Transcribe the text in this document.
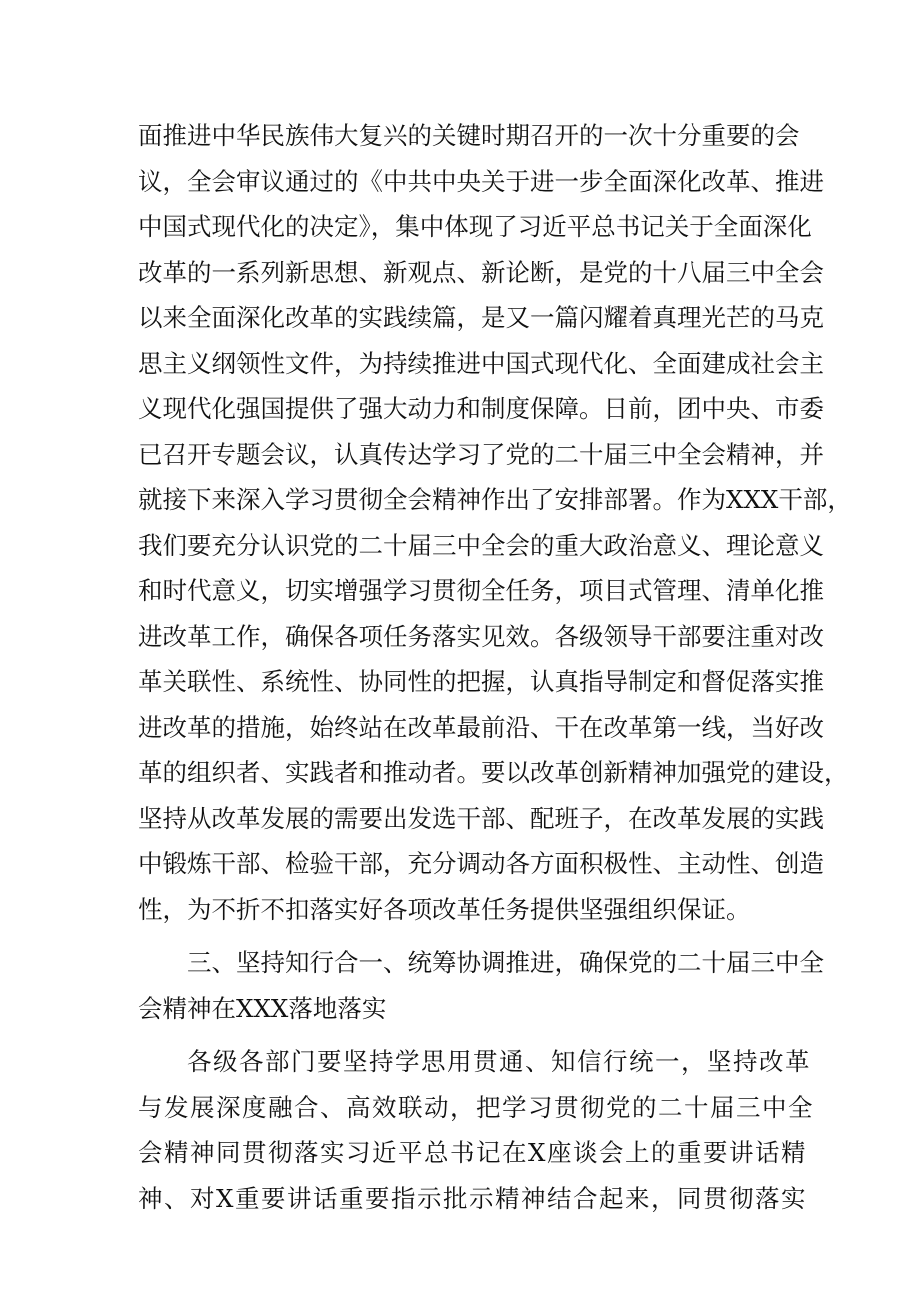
面推进中华民族伟大复兴的关键时期召开的一次十分重要的会
议，全会审议通过的《中共中央关于进一步全面深化改革、推进
中国式现代化的决定》，集中体现了习近平总书记关于全面深化
改革的一系列新思想、新观点、新论断，是党的十八届三中全会
以来全面深化改革的实践续篇，是又一篇闪耀着真理光芒的马克
思主义纲领性文件，为持续推进中国式现代化、全面建成社会主
义现代化强国提供了强大动力和制度保障。日前，团中央、市委
已召开专题会议，认真传达学习了党的二十届三中全会精神，并
就接下来深入学习贯彻全会精神作出了安排部署。作为XXX干部，
我们要充分认识党的二十届三中全会的重大政治意义、理论意义
和时代意义，切实增强学习贯彻全任务，项目式管理、清单化推
进改革工作，确保各项任务落实见效。各级领导干部要注重对改
革关联性、系统性、协同性的把握，认真指导制定和督促落实推
进改革的措施，始终站在改革最前沿、干在改革第一线，当好改
革的组织者、实践者和推动者。要以改革创新精神加强党的建设，
坚持从改革发展的需要出发选干部、配班子，在改革发展的实践
中锻炼干部、检验干部，充分调动各方面积极性、主动性、创造
性，为不折不扣落实好各项改革任务提供坚强组织保证。
三、坚持知行合一、统筹协调推进，确保党的二十届三中全
会精神在XXX落地落实
各级各部门要坚持学思用贯通、知信行统一，坚持改革
与发展深度融合、高效联动，把学习贯彻党的二十届三中全
会精神同贯彻落实习近平总书记在X座谈会上的重要讲话精
神、对X重要讲话重要指示批示精神结合起来，同贯彻落实
